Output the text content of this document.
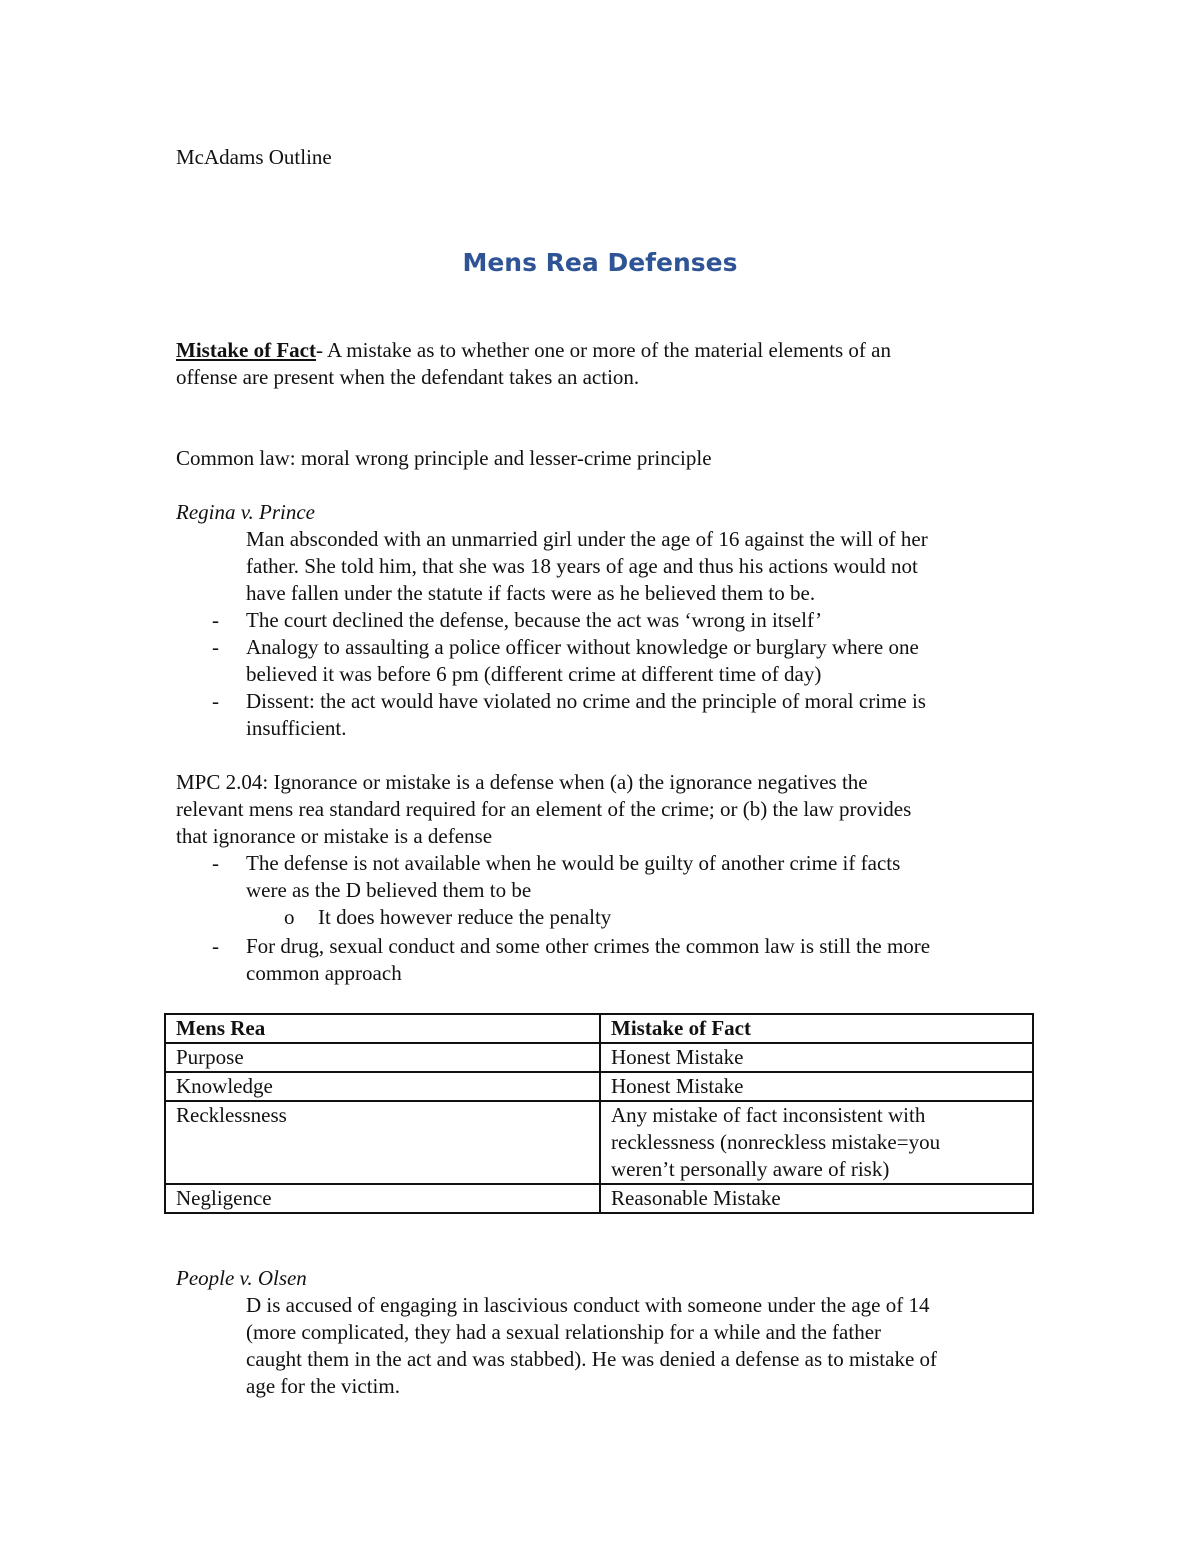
McAdams Outline
Mens Rea Defenses
Mistake of Fact- A mistake as to whether one or more of the material elements of an
offense are present when the defendant takes an action.
Common law: moral wrong principle and lesser-crime principle
Regina v. Prince
Man absconded with an unmarried girl under the age of 16 against the will of her
father. She told him, that she was 18 years of age and thus his actions would not
have fallen under the statute if facts were as he believed them to be.
- The court declined the defense, because the act was ‘wrong in itself’
- Analogy to assaulting a police officer without knowledge or burglary where one
believed it was before 6 pm (different crime at different time of day)
- Dissent: the act would have violated no crime and the principle of moral crime is
insufficient.
MPC 2.04: Ignorance or mistake is a defense when (a) the ignorance negatives the
relevant mens rea standard required for an element of the crime; or (b) the law provides
that ignorance or mistake is a defense
- The defense is not available when he would be guilty of another crime if facts
were as the D believed them to be
o It does however reduce the penalty
- For drug, sexual conduct and some other crimes the common law is still the more
common approach
Mens Rea	Mistake of Fact
Purpose	Honest Mistake
Knowledge	Honest Mistake
Recklessness	Any mistake of fact inconsistent with
recklessness (nonreckless mistake=you
weren’t personally aware of risk)

Negligence	Reasonable Mistake
People v. Olsen
D is accused of engaging in lascivious conduct with someone under the age of 14
(more complicated, they had a sexual relationship for a while and the father
caught them in the act and was stabbed). He was denied a defense as to mistake of
age for the victim.
